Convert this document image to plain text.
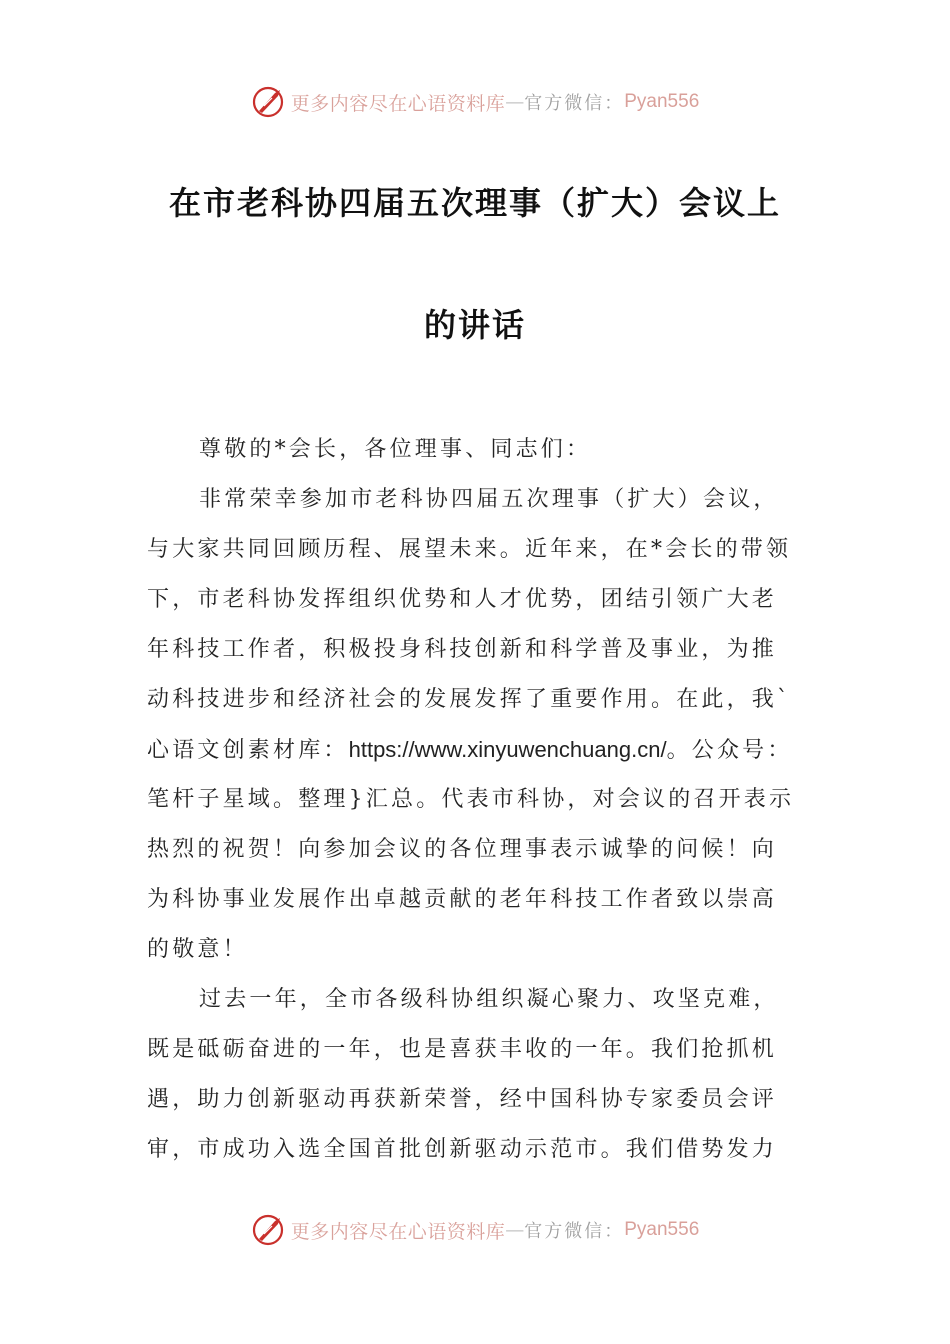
更多内容尽在心语资料库 — 官方微信： Pyan556
在市老科协四届五次理事（扩大）会议上
的讲话
尊敬的*会长，各位理事、同志们：
非常荣幸参加市老科协四届五次理事（扩大）会议，
与大家共同回顾历程、展望未来。近年来，在*会长的带领
下，市老科协发挥组织优势和人才优势，团结引领广大老
年科技工作者，积极投身科技创新和科学普及事业，为推
动科技进步和经济社会的发展发挥了重要作用。在此，我`
心语文创素材库：https://www.xinyuwenchuang.cn/。公众号：
笔杆子星域。整理}汇总。代表市科协，对会议的召开表示
热烈的祝贺！向参加会议的各位理事表示诚挚的问候！向
为科协事业发展作出卓越贡献的老年科技工作者致以崇高
的敬意！
过去一年，全市各级科协组织凝心聚力、攻坚克难，
既是砥砺奋进的一年，也是喜获丰收的一年。我们抢抓机
遇，助力创新驱动再获新荣誉，经中国科协专家委员会评
审，市成功入选全国首批创新驱动示范市。我们借势发力
更多内容尽在心语资料库 — 官方微信： Pyan556
